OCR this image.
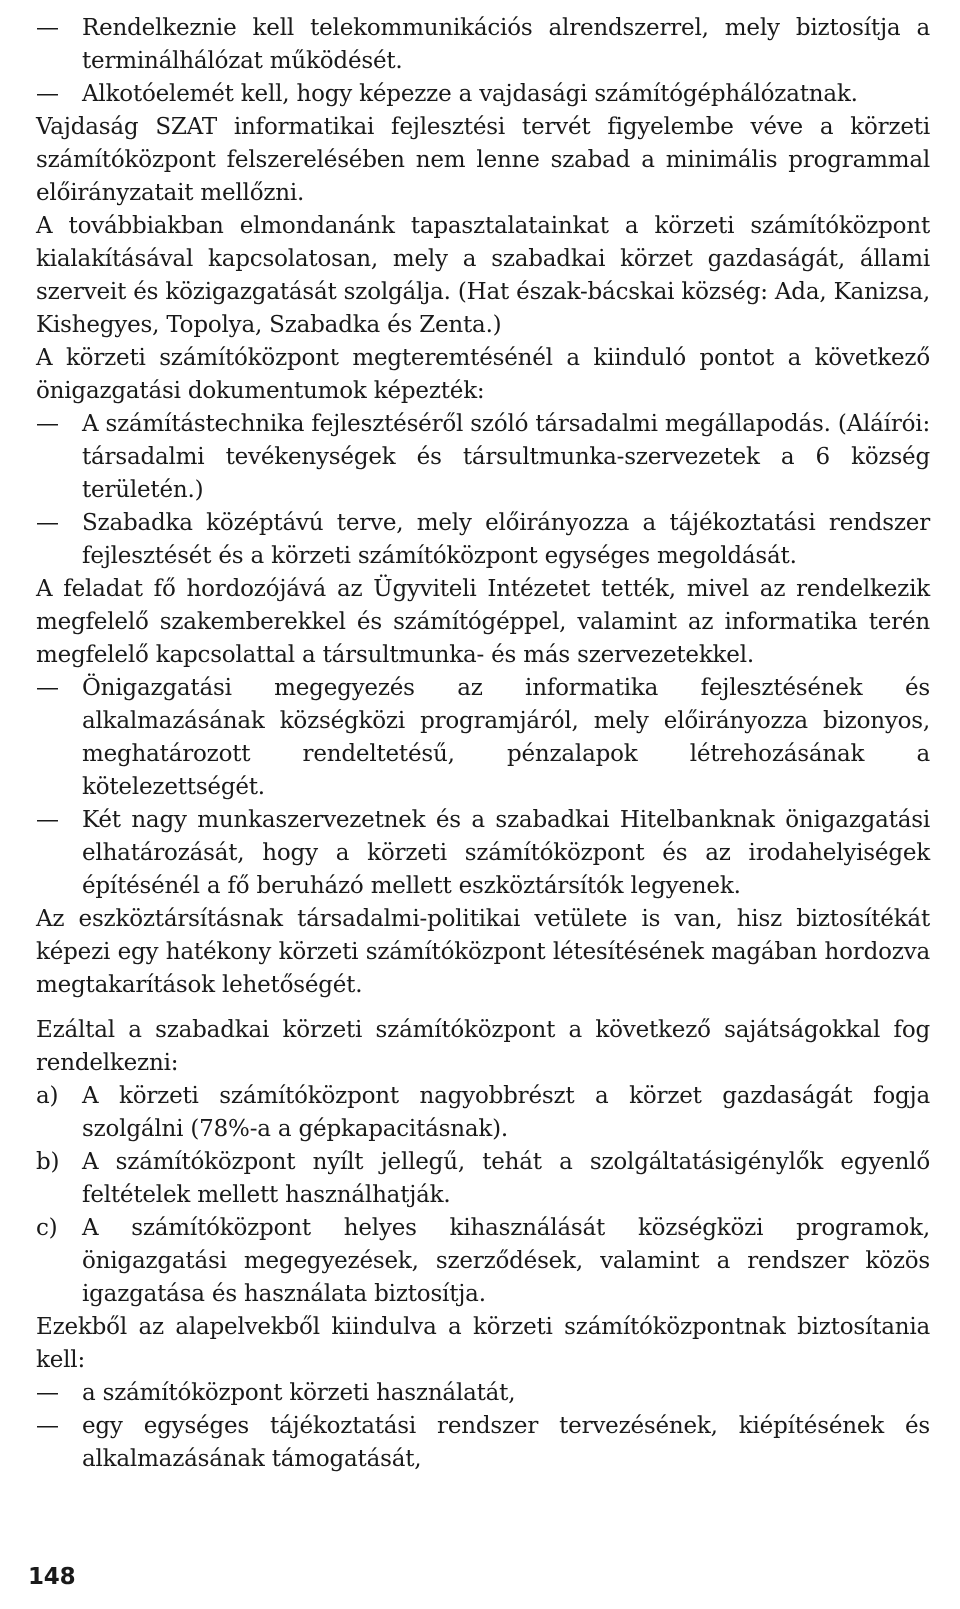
— Rendelkeznie kell telekommunikációs alrendszerrel, mely biztosítja a terminálhálózat működését.

— Alkotóelemét kell, hogy képezze a vajdasági számítógéphálózatnak.

Vajdaság SZAT informatikai fejlesztési tervét figyelembe véve a körzeti számítóközpont felszerelésében nem lenne szabad a minimális programmal előirányzatait mellőzni.

A továbbiakban elmondanánk tapasztalatainkat a körzeti számítóközpont kialakításával kapcsolatosan, mely a szabadkai körzet gazdaságát, állami szerveit és közigazgatását szolgálja. (Hat észak-bácskai község: Ada, Kanizsa, Kishegyes, Topolya, Szabadka és Zenta.)

A körzeti számítóközpont megteremtésénél a kiinduló pontot a következő önigazgatási dokumentumok képezték:

— A számítástechnika fejlesztéséről szóló társadalmi megállapodás. (Aláírói: társadalmi tevékenységek és társultmunka-szervezetek a 6 község területén.)

— Szabadka középtávú terve, mely előirányozza a tájékoztatási rendszer fejlesztését és a körzeti számítóközpont egységes megoldását.

A feladat fő hordozójává az Ügyviteli Intézetet tették, mivel az rendelkezik megfelelő szakemberekkel és számítógéppel, valamint az informatika terén megfelelő kapcsolattal a társultmunka- és más szervezetekkel.

— Önigazgatási megegyezés az informatika fejlesztésének és alkalmazásának községközi programjáról, mely előirányozza bizonyos, meghatározott rendeltetésű, pénzalapok létrehozásának a kötelezettségét.

— Két nagy munkaszervezetnek és a szabadkai Hitelbanknak önigazgatási elhatározását, hogy a körzeti számítóközpont és az irodahelyiségek építésénél a fő beruházó mellett eszköztársítók legyenek.

Az eszköztársításnak társadalmi-politikai vetülete is van, hisz biztosítékát képezi egy hatékony körzeti számítóközpont létesítésének magában hordozva megtakarítások lehetőségét.

Ezáltal a szabadkai körzeti számítóközpont a következő sajátságokkal fog rendelkezni:

a) A körzeti számítóközpont nagyobbrészt a körzet gazdaságát fogja szolgálni (78%-a a gépkapacitásnak).

b) A számítóközpont nyílt jellegű, tehát a szolgáltatásigénylők egyenlő feltételek mellett használhatják.

c) A számítóközpont helyes kihasználását községközi programok, önigazgatási megegyezések, szerződések, valamint a rendszer közös igazgatása és használata biztosítja.

Ezekből az alapelvekből kiindulva a körzeti számítóközpontnak biztosítania kell:

— a számítóközpont körzeti használatát,

— egy egységes tájékoztatási rendszer tervezésének, kiépítésének és alkalmazásának támogatását,

148
